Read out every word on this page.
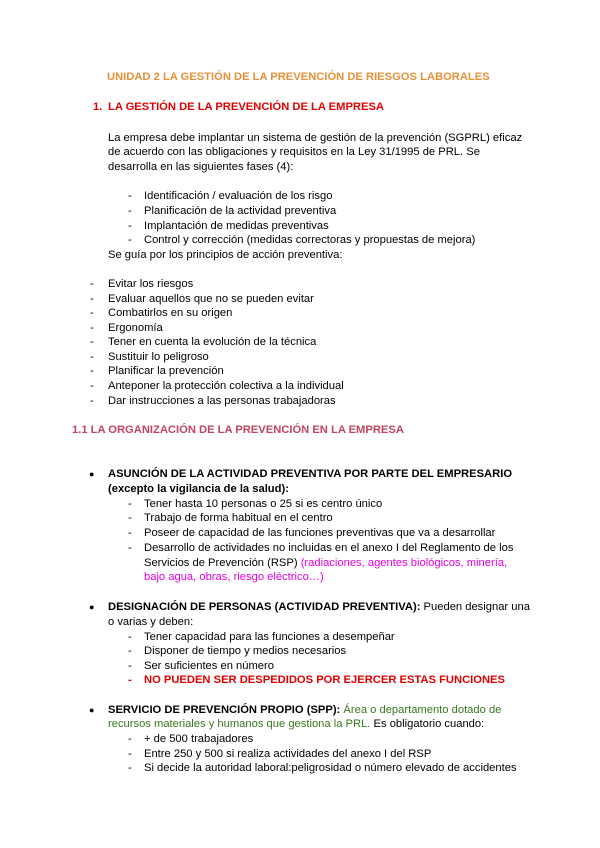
UNIDAD 2 LA GESTIÓN DE LA PREVENCIÓN DE RIESGOS LABORALES
1. LA GESTIÓN DE LA PREVENCIÓN DE LA EMPRESA
La empresa debe implantar un sistema de gestión de la prevención (SGPRL) eficaz
de acuerdo con las obligaciones y requisitos en la Ley 31/1995 de PRL. Se
desarrolla en las siguientes fases (4):
- Identificación / evaluación de los risgo
- Planificación de la actividad preventiva
- Implantación de medidas preventivas
- Control y corrección (medidas correctoras y propuestas de mejora)
Se guía por los principios de acción preventiva:
- Evitar los riesgos
- Evaluar aquellos que no se pueden evitar
- Combatirlos en su origen
- Ergonomía
- Tener en cuenta la evolución de la técnica
- Sustituir lo peligroso
- Planificar la prevención
- Anteponer la protección colectiva a la individual
- Dar instrucciones a las personas trabajadoras
1.1 LA ORGANIZACIÓN DE LA PREVENCIÓN EN LA EMPRESA
● ASUNCIÓN DE LA ACTIVIDAD PREVENTIVA POR PARTE DEL EMPRESARIO
(excepto la vigilancia de la salud):
- Tener hasta 10 personas o 25 si es centro único
- Trabajo de forma habitual en el centro
- Poseer de capacidad de las funciones preventivas que va a desarrollar
- Desarrollo de actividades no incluidas en el anexo I del Reglamento de los
Servicios de Prevención (RSP) (radiaciones, agentes biológicos, minería,
bajo agua, obras, riesgo eléctrico…)
● DESIGNACIÓN DE PERSONAS (ACTIVIDAD PREVENTIVA): Pueden designar una
o varias y deben:
- Tener capacidad para las funciones a desempeñar
- Disponer de tiempo y medios necesarios
- Ser suficientes en número
- NO PUEDEN SER DESPEDIDOS POR EJERCER ESTAS FUNCIONES
● SERVICIO DE PREVENCIÓN PROPIO (SPP): Área o departamento dotado de
recursos materiales y humanos que gestiona la PRL. Es obligatorio cuando:
- + de 500 trabajadores
- Entre 250 y 500 si realiza actividades del anexo I del RSP
- Si decide la autoridad laboral:peligrosidad o número elevado de accidentes
